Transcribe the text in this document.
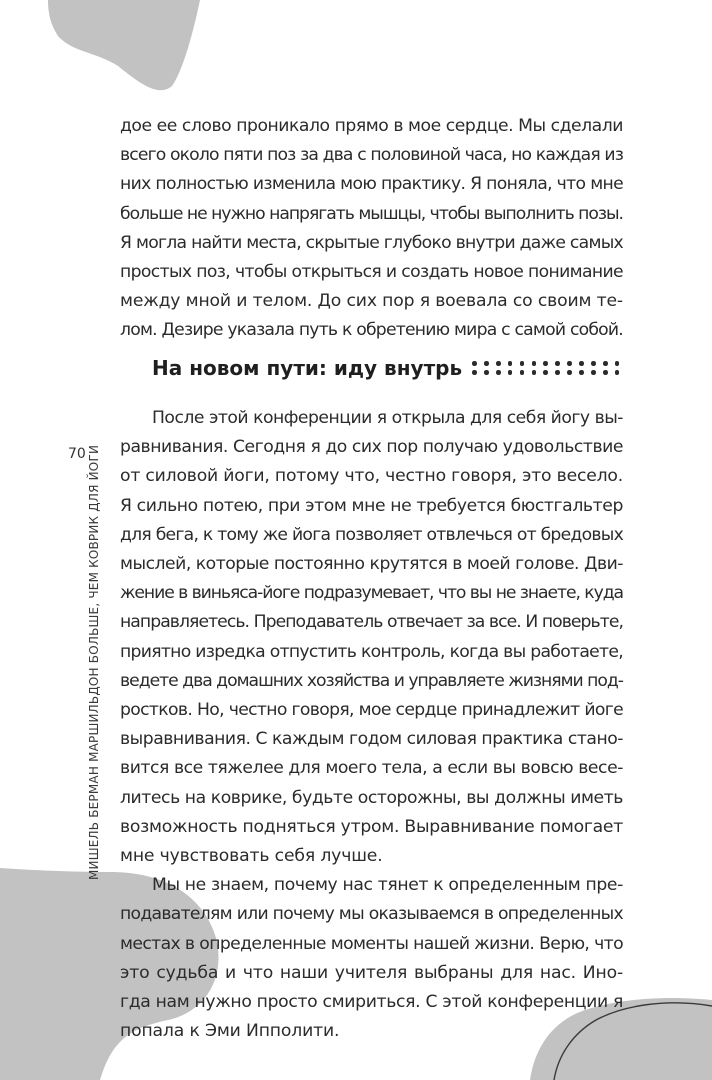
70 МИШЕЛЬ БЕРМАН МАРШИЛЬДОН БОЛЬШЕ, ЧЕМ КОВРИК ДЛЯ ЙОГИ

дое ее слово проникало прямо в мое сердце. Мы сделали
всего около пяти поз за два с половиной часа, но каждая из
них полностью изменила мою практику. Я поняла, что мне
больше не нужно напрягать мышцы, чтобы выполнить позы.
Я могла найти места, скрытые глубоко внутри даже самых
простых поз, чтобы открыться и создать новое понимание
между мной и телом. До сих пор я воевала со своим те-
лом. Дезире указала путь к обретению мира с самой собой.

На новом пути: иду внутрь

После этой конференции я открыла для себя йогу вы-
равнивания. Сегодня я до сих пор получаю удовольствие
от силовой йоги, потому что, честно говоря, это весело.
Я сильно потею, при этом мне не требуется бюстгальтер
для бега, к тому же йога позволяет отвлечься от бредовых
мыслей, которые постоянно крутятся в моей голове. Дви-
жение в виньяса-йоге подразумевает, что вы не знаете, куда
направляетесь. Преподаватель отвечает за все. И поверьте,
приятно изредка отпустить контроль, когда вы работаете,
ведете два домашних хозяйства и управляете жизнями под-
ростков. Но, честно говоря, мое сердце принадлежит йоге
выравнивания. С каждым годом силовая практика стано-
вится все тяжелее для моего тела, а если вы вовсю весе-
литесь на коврике, будьте осторожны, вы должны иметь
возможность подняться утром. Выравнивание помогает
мне чувствовать себя лучше.

Мы не знаем, почему нас тянет к определенным пре-
подавателям или почему мы оказываемся в определенных
местах в определенные моменты нашей жизни. Верю, что
это судьба и что наши учителя выбраны для нас. Ино-
гда нам нужно просто смириться. С этой конференции я
попала к Эми Ипполити.
